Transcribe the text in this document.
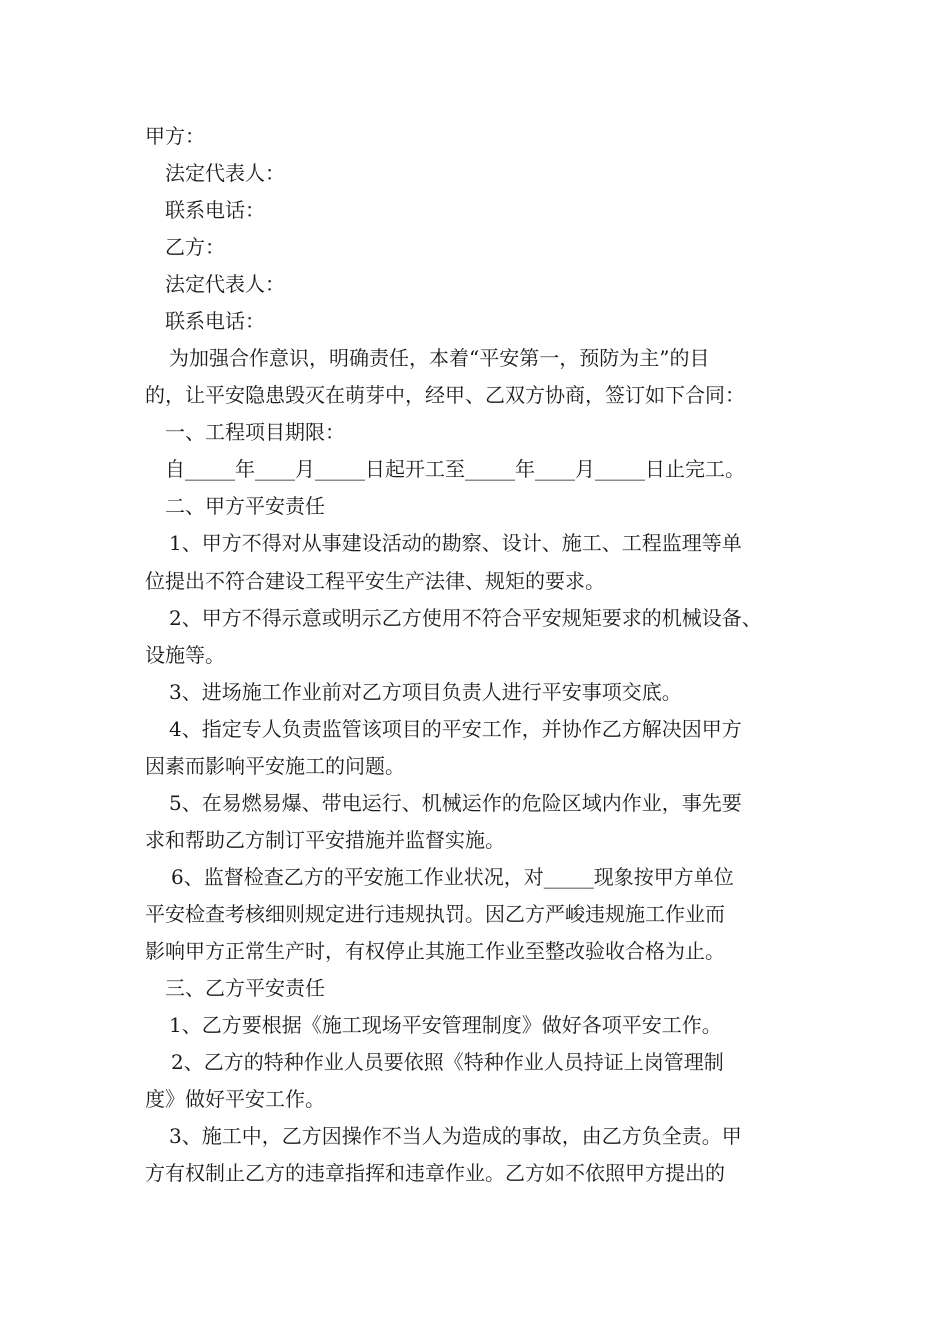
甲方：
法定代表人：
联系电话：
乙方：
法定代表人：
联系电话：
为加强合作意识，明确责任，本着“平安第一，预防为主”的目
的，让平安隐患毁灭在萌芽中，经甲、乙双方协商，签订如下合同：
一、工程项目期限：
自_____年____月_____日起开工至_____年____月_____日止完工。
二、甲方平安责任
1、甲方不得对从事建设活动的勘察、设计、施工、工程监理等单
位提出不符合建设工程平安生产法律、规矩的要求。
2、甲方不得示意或明示乙方使用不符合平安规矩要求的机械设备、
设施等。
3、进场施工作业前对乙方项目负责人进行平安事项交底。
4、指定专人负责监管该项目的平安工作，并协作乙方解决因甲方
因素而影响平安施工的问题。
5、在易燃易爆、带电运行、机械运作的危险区域内作业，事先要
求和帮助乙方制订平安措施并监督实施。
6、监督检查乙方的平安施工作业状况，对_____现象按甲方单位
平安检查考核细则规定进行违规执罚。因乙方严峻违规施工作业而
影响甲方正常生产时，有权停止其施工作业至整改验收合格为止。
三、乙方平安责任
1、乙方要根据《施工现场平安管理制度》做好各项平安工作。
2、乙方的特种作业人员要依照《特种作业人员持证上岗管理制
度》做好平安工作。
3、施工中，乙方因操作不当人为造成的事故，由乙方负全责。甲
方有权制止乙方的违章指挥和违章作业。乙方如不依照甲方提出的
